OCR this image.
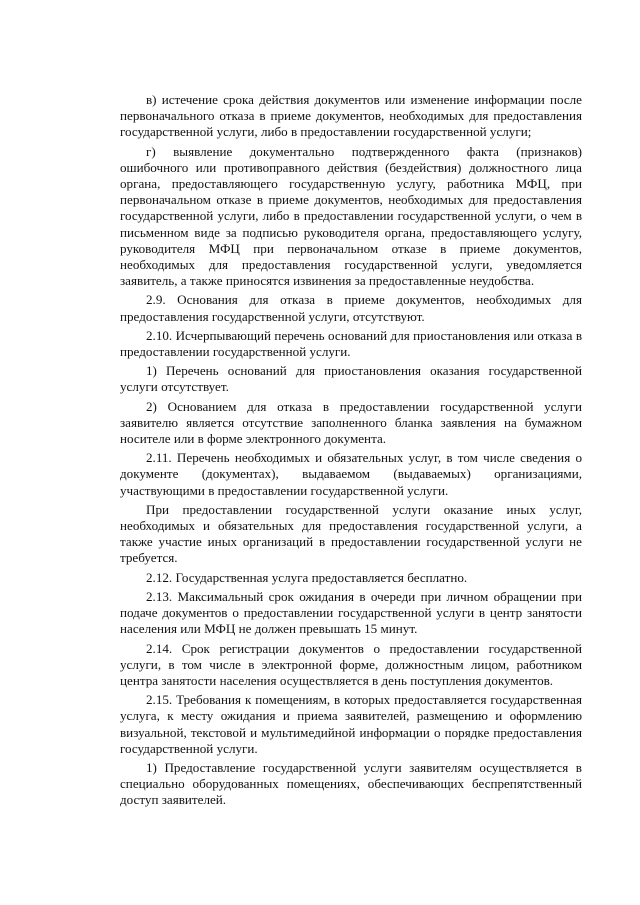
в) истечение срока действия документов или изменение информации после первоначального отказа в приеме документов, необходимых для предоставления государственной услуги, либо в предоставлении государственной услуги;

г) выявление документально подтвержденного факта (признаков) ошибочного или противоправного действия (бездействия) должностного лица органа, предоставляющего государственную услугу, работника МФЦ, при первоначальном отказе в приеме документов, необходимых для предоставления государственной услуги, либо в предоставлении государственной услуги, о чем в письменном виде за подписью руководителя органа, предоставляющего услугу, руководителя МФЦ при первоначальном отказе в приеме документов, необходимых для предоставления государственной услуги, уведомляется заявитель, а также приносятся извинения за предоставленные неудобства.

2.9. Основания для отказа в приеме документов, необходимых для предоставления государственной услуги, отсутствуют.

2.10. Исчерпывающий перечень оснований для приостановления или отказа в предоставлении государственной услуги.

1) Перечень оснований для приостановления оказания государственной услуги отсутствует.

2) Основанием для отказа в предоставлении государственной услуги заявителю является отсутствие заполненного бланка заявления на бумажном носителе или в форме электронного документа.

2.11. Перечень необходимых и обязательных услуг, в том числе сведения о документе (документах), выдаваемом (выдаваемых) организациями, участвующими в предоставлении государственной услуги.

При предоставлении государственной услуги оказание иных услуг, необходимых и обязательных для предоставления государственной услуги, а также участие иных организаций в предоставлении государственной услуги не требуется.

2.12. Государственная услуга предоставляется бесплатно.

2.13. Максимальный срок ожидания в очереди при личном обращении при подаче документов о предоставлении государственной услуги в центр занятости населения или МФЦ не должен превышать 15 минут.

2.14. Срок регистрации документов о предоставлении государственной услуги, в том числе в электронной форме, должностным лицом, работником центра занятости населения осуществляется в день поступления документов.

2.15. Требования к помещениям, в которых предоставляется государственная услуга, к месту ожидания и приема заявителей, размещению и оформлению визуальной, текстовой и мультимедийной информации о порядке предоставления государственной услуги.

1) Предоставление государственной услуги заявителям осуществляется в специально оборудованных помещениях, обеспечивающих беспрепятственный доступ заявителей.
